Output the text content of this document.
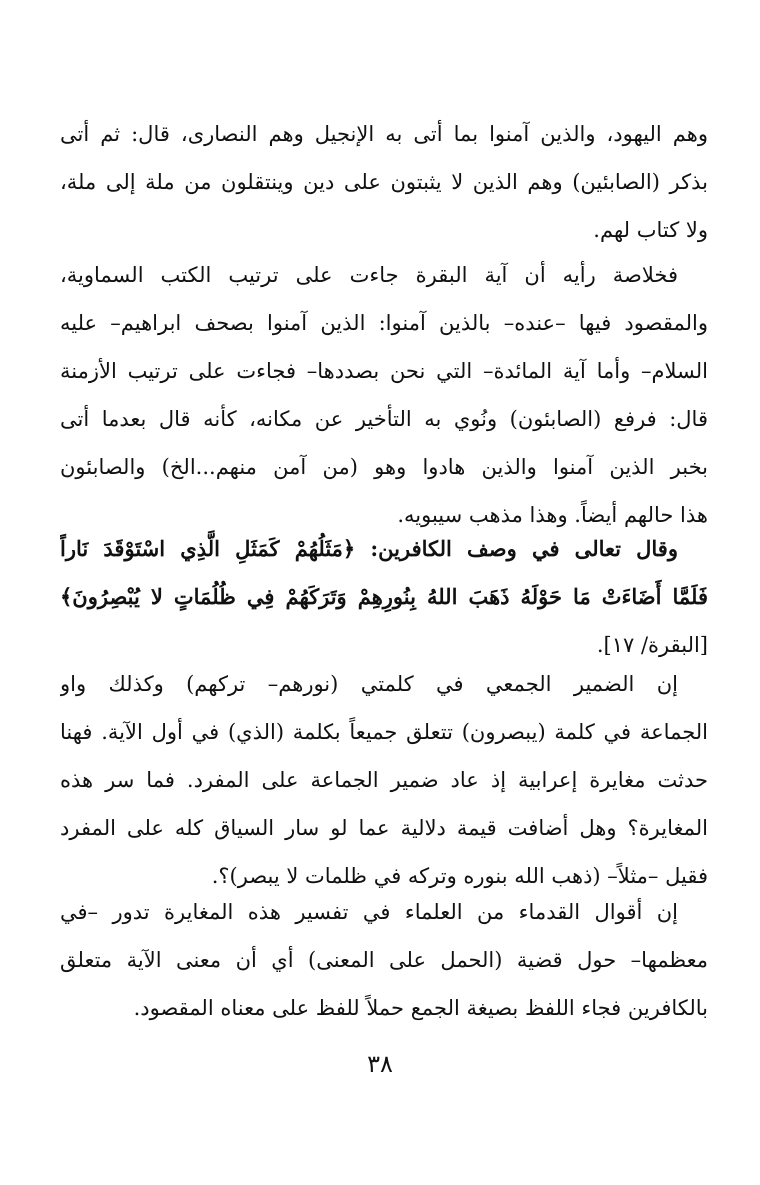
وهم اليهود، والذين آمنوا بما أتى به الإنجيل وهم النصارى، قال: ثم أتى
بذكر (الصابئين) وهم الذين لا يثبتون على دين وينتقلون من ملة إلى ملة،
ولا كتاب لهم.
فخلاصة رأيه أن آية البقرة جاءت على ترتيب الكتب السماوية،
والمقصود فيها –عنده– بالذين آمنوا: الذين آمنوا بصحف ابراهيم– عليه
السلام– وأما آية المائدة– التي نحن بصددها– فجاءت على ترتيب الأزمنة
قال: فرفع (الصابئون) ونُوي به التأخير عن مكانه، كأنه قال بعدما أتى
بخبر الذين آمنوا والذين هادوا وهو (من آمن منهم...الخ) والصابئون
هذا حالهم أيضاً. وهذا مذهب سيبويه.
وقال تعالى في وصف الكافرين: ﴿مَثَلُهُمْ كَمَثَلِ الَّذِي اسْتَوْقَدَ نَاراً
فَلَمَّا أَضَاءَتْ مَا حَوْلَهُ ذَهَبَ اللهُ بِنُورِهِمْ وَتَرَكَهُمْ فِي ظُلُمَاتٍ لا يُبْصِرُونَ﴾
[البقرة/ ١٧].
إن الضمير الجمعي في كلمتي (نورهم– تركهم) وكذلك واو
الجماعة في كلمة (يبصرون) تتعلق جميعاً بكلمة (الذي) في أول الآية. فهنا
حدثت مغايرة إعرابية إذ عاد ضمير الجماعة على المفرد. فما سر هذه
المغايرة؟ وهل أضافت قيمة دلالية عما لو سار السياق كله على المفرد
فقيل –مثلاً– (ذهب الله بنوره وتركه في ظلمات لا يبصر)؟.
إن أقوال القدماء من العلماء في تفسير هذه المغايرة تدور –في
معظمها– حول قضية (الحمل على المعنى) أي أن معنى الآية متعلق
بالكافرين فجاء اللفظ بصيغة الجمع حملاً للفظ على معناه المقصود.
٣٨
